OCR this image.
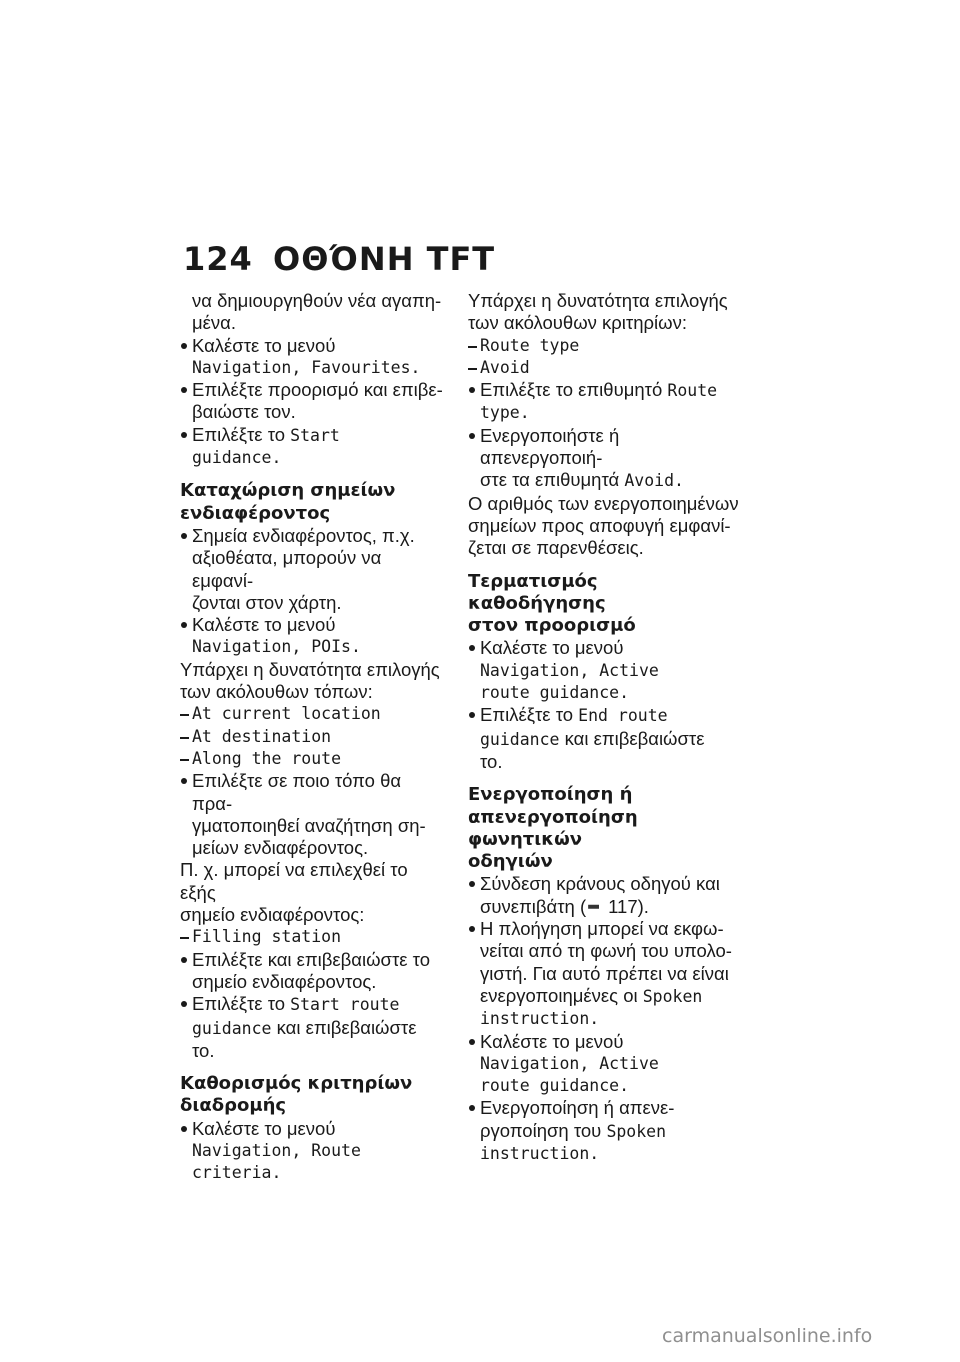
124 ΟΘΌΝΗ TFT
να δημιουργηθούν νέα αγαπη-
μένα.
Καλέστε το μενού
Navigation, Favourites.
Επιλέξτε προορισμό και επιβε-
βαιώστε τον.
Επιλέξτε το Start
guidance.
Καταχώριση σημείων
ενδιαφέροντος
Σημεία ενδιαφέροντος, π.χ.
αξιοθέατα, μπορούν να εμφανί-
ζονται στον χάρτη.
Καλέστε το μενού
Navigation, POIs.
Υπάρχει η δυνατότητα επιλογής
των ακόλουθων τόπων:
At current location
At destination
Along the route
Επιλέξτε σε ποιο τόπο θα πρα-
γματοποιηθεί αναζήτηση ση-
μείων ενδιαφέροντος.
Π. χ. μπορεί να επιλεχθεί το εξής
σημείο ενδιαφέροντος:
Filling station
Επιλέξτε και επιβεβαιώστε το
σημείο ενδιαφέροντος.
Επιλέξτε το Start route
guidance και επιβεβαιώστε
το.
Καθορισμός κριτηρίων
διαδρομής
Καλέστε το μενού
Navigation, Route
criteria.
Υπάρχει η δυνατότητα επιλογής
των ακόλουθων κριτηρίων:
Route type
Avoid
Επιλέξτε το επιθυμητό Route
type.
Ενεργοποιήστε ή απενεργοποιή-
στε τα επιθυμητά Avoid.
Ο αριθμός των ενεργοποιημένων
σημείων προς αποφυγή εμφανί-
ζεται σε παρενθέσεις.
Τερματισμός καθοδήγησης
στον προορισμό
Καλέστε το μενού
Navigation, Active
route guidance.
Επιλέξτε το End route
guidance και επιβεβαιώστε
το.
Ενεργοποίηση ή
απενεργοποίηση φωνητικών
οδηγιών
Σύνδεση κράνους οδηγού και
συνεπιβάτη ( 117).
Η πλοήγηση μπορεί να εκφω-
νείται από τη φωνή του υπολο-
γιστή. Για αυτό πρέπει να είναι
ενεργοποιημένες οι Spoken
instruction.
Καλέστε το μενού
Navigation, Active
route guidance.
Ενεργοποίηση ή απενε-
ργοποίηση του Spoken
instruction.
carmanualsonline.info
